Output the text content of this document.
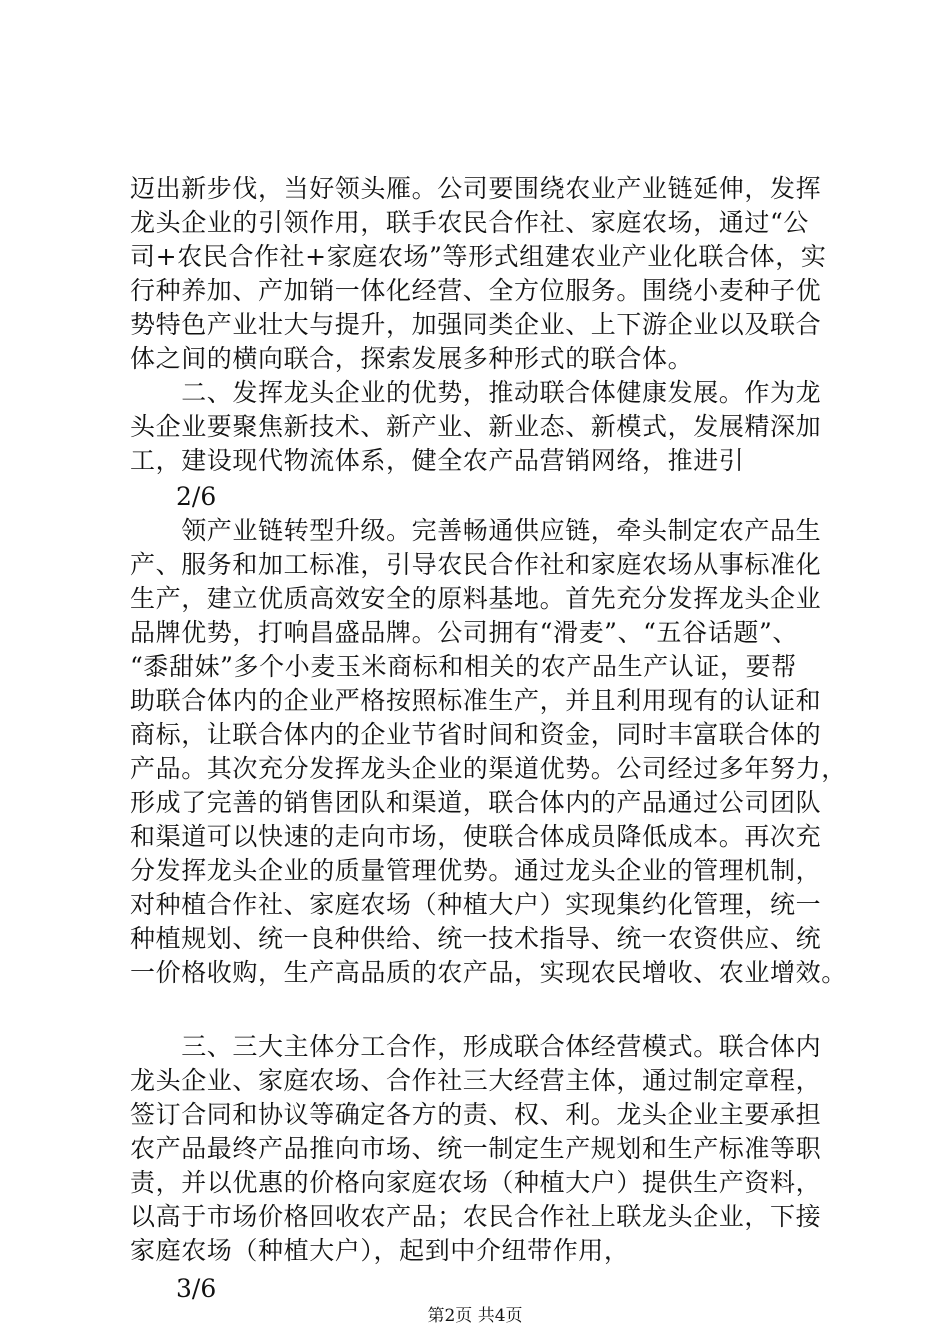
迈出新步伐，当好领头雁。公司要围绕农业产业链延伸，发挥
龙头企业的引领作用，联手农民合作社、家庭农场，通过“公
司+农民合作社+家庭农场”等形式组建农业产业化联合体，实
行种养加、产加销一体化经营、全方位服务。围绕小麦种子优
势特色产业壮大与提升，加强同类企业、上下游企业以及联合
体之间的横向联合，探索发展多种形式的联合体。
　　二、发挥龙头企业的优势，推动联合体健康发展。作为龙
头企业要聚焦新技术、新产业、新业态、新模式，发展精深加
工，建设现代物流体系，健全农产品营销网络，推进引
2/6
　　领产业链转型升级。完善畅通供应链，牵头制定农产品生
产、服务和加工标准，引导农民合作社和家庭农场从事标准化
生产，建立优质高效安全的原料基地。首先充分发挥龙头企业
品牌优势，打响昌盛品牌。公司拥有“滑麦”、“五谷话题”、
“黍甜妹”多个小麦玉米商标和相关的农产品生产认证，要帮
助联合体内的企业严格按照标准生产，并且利用现有的认证和
商标，让联合体内的企业节省时间和资金，同时丰富联合体的
产品。其次充分发挥龙头企业的渠道优势。公司经过多年努力，
形成了完善的销售团队和渠道，联合体内的产品通过公司团队
和渠道可以快速的走向市场，使联合体成员降低成本。再次充
分发挥龙头企业的质量管理优势。通过龙头企业的管理机制，
对种植合作社、家庭农场（种植大户）实现集约化管理，统一
种植规划、统一良种供给、统一技术指导、统一农资供应、统
一价格收购，生产高品质的农产品，实现农民增收、农业增效。
　　三、三大主体分工合作，形成联合体经营模式。联合体内
龙头企业、家庭农场、合作社三大经营主体，通过制定章程，
签订合同和协议等确定各方的责、权、利。龙头企业主要承担
农产品最终产品推向市场、统一制定生产规划和生产标准等职
责，并以优惠的价格向家庭农场（种植大户）提供生产资料，
以高于市场价格回收农产品；农民合作社上联龙头企业，下接
家庭农场（种植大户），起到中介纽带作用，
3/6
第2页 共4页
